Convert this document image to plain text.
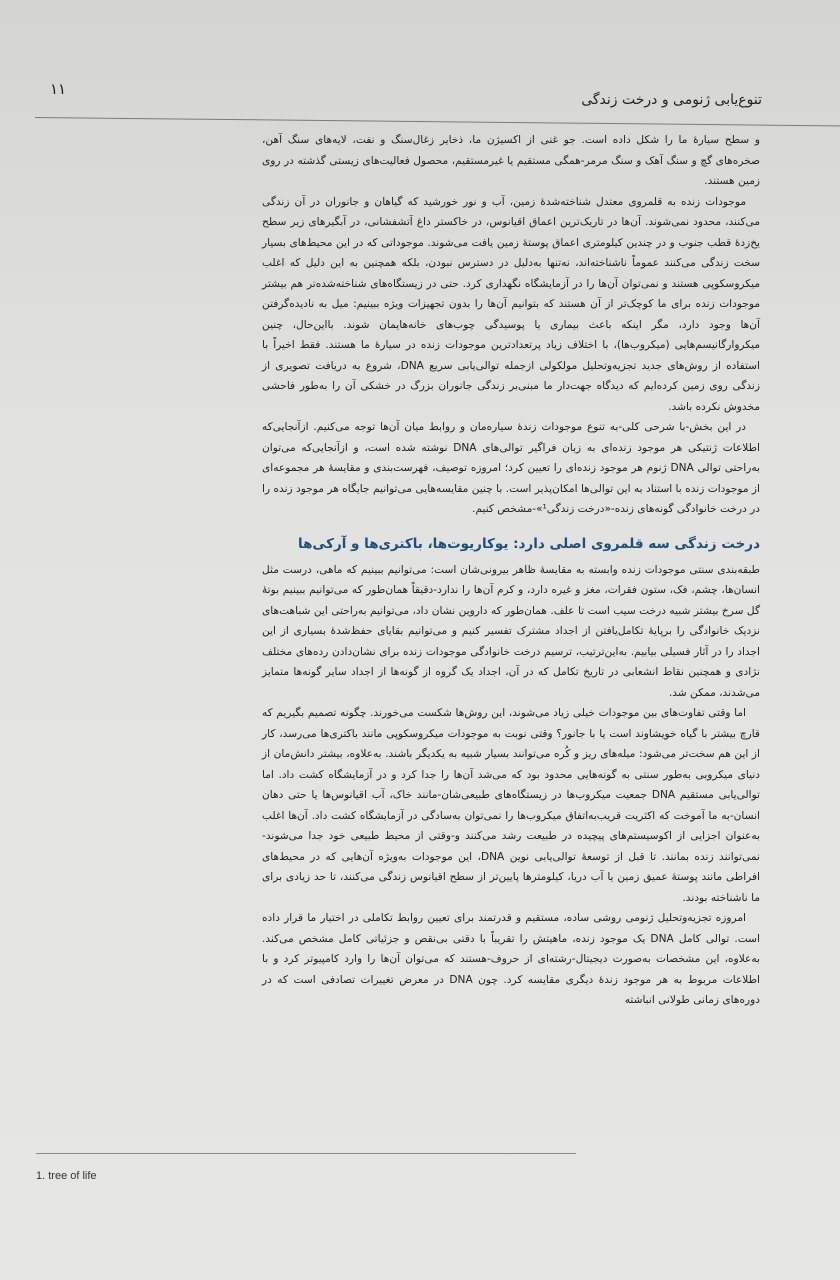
۱۱
تنوع‌یابی ژنومی و درخت زندگی

و سطح سیارهٔ ما را شکل داده است. جو غنی از اکسیژن ما، ذخایر زغال‌سنگ و نفت، لایه‌های سنگ آهن، صخره‌های گچ و سنگ آهک و سنگ مرمر-همگی مستقیم یا غیرمستقیم، محصول فعالیت‌های زیستی گذشته در روی زمین هستند.

موجودات زنده به قلمروی معتدل شناخته‌شدهٔ زمین، آب و نور خورشید که گیاهان و جانوران در آن زندگی می‌کنند، محدود نمی‌شوند. آن‌ها در تاریک‌ترین اعماق اقیانوس، در خاکستر داغ آتشفشانی، در آبگیرهای زیر سطح یخ‌زدهٔ قطب جنوب و در چندین کیلومتری اعماق پوستهٔ زمین یافت می‌شوند. موجوداتی که در این محیط‌های بسیار سخت زندگی می‌کنند عموماً ناشناخته‌اند، نه‌تنها به‌دلیل در دسترس نبودن، بلکه همچنین به این دلیل که اغلب میکروسکوپی هستند و نمی‌توان آن‌ها را در آزمایشگاه نگهداری کرد. حتی در زیستگاه‌های شناخته‌شده‌تر هم بیشتر موجودات زنده برای ما کوچک‌تر از آن هستند که بتوانیم آن‌ها را بدون تجهیزات ویژه ببینیم: میل به نادیده‌گرفتن آن‌ها وجود دارد، مگر اینکه باعث بیماری یا پوسیدگی چوب‌های خانه‌هایمان شوند. بااین‌حال، چنین میکروارگانیسم‌هایی (میکروب‌ها)، با اختلاف زیاد پرتعدادترین موجودات زنده در سیارهٔ ما هستند. فقط اخیراً با استفاده از روش‌های جدید تجزیه‌وتحلیل مولکولی ازجمله توالی‌یابی سریع DNA، شروع به دریافت تصویری از زندگی روی زمین کرده‌ایم که دیدگاه جهت‌دار ما مبنی‌بر زندگی جانوران بزرگ در خشکی آن را به‌طور فاحشی مخدوش نکرده باشد.

در این بخش-با شرحی کلی-به تنوع موجودات زندهٔ سیاره‌مان و روابط میان آن‌ها توجه می‌کنیم. ازآنجایی‌که اطلاعات ژنتیکی هر موجود زنده‌ای به زبان فراگیر توالی‌های DNA نوشته شده است، و ازآنجایی‌که می‌توان به‌راحتی توالی DNA ژنوم هر موجود زنده‌ای را تعیین کرد؛ امروزه توصیف، فهرست‌بندی و مقایسهٔ هر مجموعه‌ای از موجودات زنده با استناد به این توالی‌ها امکان‌پذیر است. با چنین مقایسه‌هایی می‌توانیم جایگاه هر موجود زنده را در درخت خانوادگی گونه‌های زنده-«درخت زندگی¹»-مشخص کنیم.

درخت زندگی سه قلمروی اصلی دارد: یوکاریوت‌ها، باکتری‌ها و آرکی‌ها

طبقه‌بندی سنتی موجودات زنده وابسته به مقایسهٔ ظاهر بیرونی‌شان است: می‌توانیم ببینیم که ماهی، درست مثل انسان‌ها، چشم، فک، ستون فقرات، مغز و غیره دارد، و کرم آن‌ها را ندارد-دقیقاً همان‌طور که می‌توانیم ببینیم بوتهٔ گل سرخ بیشتر شبیه درخت سیب است تا علف. همان‌طور که داروین نشان داد، می‌توانیم به‌راحتی این شباهت‌های نزدیک خانوادگی را برپایهٔ تکامل‌یافتن از اجداد مشترک تفسیر کنیم و می‌توانیم بقایای حفظ‌شدهٔ بسیاری از این اجداد را در آثار فسیلی بیابیم. به‌این‌ترتیب، ترسیم درخت خانوادگی موجودات زنده برای نشان‌دادن رده‌های مختلف نژادی و همچنین نقاط انشعابی در تاریخ تکامل که در آن، اجداد یک گروه از گونه‌ها از اجداد سایر گونه‌ها متمایز می‌شدند، ممکن شد.

اما وقتی تفاوت‌های بین موجودات خیلی زیاد می‌شوند، این روش‌ها شکست می‌خورند. چگونه تصمیم بگیریم که قارچ بیشتر با گیاه خویشاوند است یا با جانور؟ وقتی نوبت به موجودات میکروسکوپی مانند باکتری‌ها می‌رسد، کار از این هم سخت‌تر می‌شود: میله‌های ریز و کُره می‌توانند بسیار شبیه به یکدیگر باشند. به‌علاوه، بیشتر دانش‌مان از دنیای میکروبی به‌طور سنتی به گونه‌هایی محدود بود که می‌شد آن‌ها را جدا کرد و در آزمایشگاه کشت داد. اما توالی‌یابی مستقیم DNA جمعیت میکروب‌ها در زیستگاه‌های طبیعی‌شان-مانند خاک، آب اقیانوس‌ها یا حتی دهان انسان-به ما آموخت که اکثریت قریب‌به‌اتفاق میکروب‌ها را نمی‌توان به‌سادگی در آزمایشگاه کشت داد. آن‌ها اغلب به‌عنوان اجزایی از اکوسیستم‌های پیچیده در طبیعت رشد می‌کنند و-وقتی از محیط طبیعی خود جدا می‌شوند-نمی‌توانند زنده بمانند. تا قبل از توسعهٔ توالی‌یابی نوین DNA، این موجودات به‌ویژه آن‌هایی که در محیط‌های افراطی مانند پوستهٔ عمیق زمین یا آب دریا، کیلومترها پایین‌تر از سطح اقیانوس زندگی می‌کنند، تا حد زیادی برای ما ناشناخته بودند.

امروزه تجزیه‌وتحلیل ژنومی روشی ساده، مستقیم و قدرتمند برای تعیین روابط تکاملی در اختیار ما قرار داده است. توالی کامل DNA یک موجود زنده، ماهیتش را تقریباً با دقتی بی‌نقص و جزئیاتی کامل مشخص می‌کند. به‌علاوه، این مشخصات به‌صورت دیجیتال-رشته‌ای از حروف-هستند که می‌توان آن‌ها را وارد کامپیوتر کرد و با اطلاعات مربوط به هر موجود زندهٔ دیگری مقایسه کرد. چون DNA در معرض تغییرات تصادفی است که در دوره‌های زمانی طولانی انباشته

1. tree of life
